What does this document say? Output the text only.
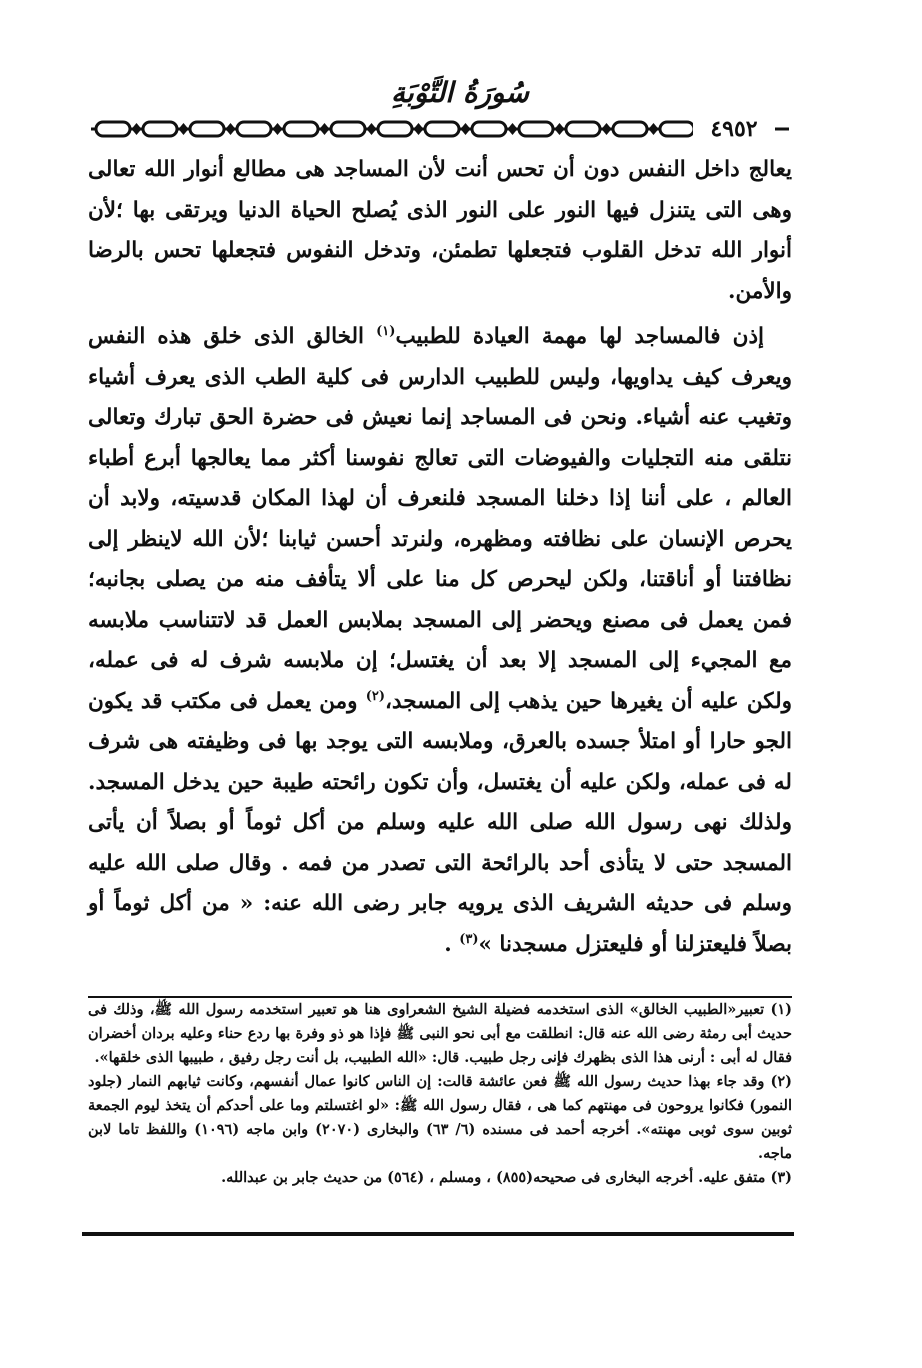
سُورَةُ التَّوْبَةِ
٤٩٥٢

يعالج داخل النفس دون أن تحس أنت لأن المساجد هى مطالع أنوار الله تعالى وهى التى يتنزل فيها النور على النور الذى يُصلح الحياة الدنيا ويرتقى بها ؛لأن أنوار الله تدخل القلوب فتجعلها تطمئن، وتدخل النفوس فتجعلها تحس بالرضا والأمن.

إذن فالمساجد لها مهمة العيادة للطبيب$^{(١)}$ الخالق الذى خلق هذه النفس ويعرف كيف يداويها، وليس للطبيب الدارس فى كلية الطب الذى يعرف أشياء وتغيب عنه أشياء. ونحن فى المساجد إنما نعيش فى حضرة الحق تبارك وتعالى نتلقى منه التجليات والفيوضات التى تعالج نفوسنا أكثر مما يعالجها أبرع أطباء العالم ، على أننا إذا دخلنا المسجد فلنعرف أن لهذا المكان قدسيته، ولابد أن يحرص الإنسان على نظافته ومظهره، ولنرتد أحسن ثيابنا ؛لأن الله لاينظر إلى نظافتنا أو أناقتنا، ولكن ليحرص كل منا على ألا يتأفف منه من يصلى بجانبه؛ فمن يعمل فى مصنع ويحضر إلى المسجد بملابس العمل قد لاتتناسب ملابسه مع المجيء إلى المسجد إلا بعد أن يغتسل؛ إن ملابسه شرف له فى عمله، ولكن عليه أن يغيرها حين يذهب إلى المسجد،$^{(٢)}$ ومن يعمل فى مكتب قد يكون الجو حارا أو امتلأ جسده بالعرق، وملابسه التى يوجد بها فى وظيفته هى شرف له فى عمله، ولكن عليه أن يغتسل، وأن تكون رائحته طيبة حين يدخل المسجد. ولذلك نهى رسول الله صلى الله عليه وسلم من أكل ثوماً أو بصلاً أن يأتى المسجد حتى لا يتأذى أحد بالرائحة التى تصدر من فمه . وقال صلى الله عليه وسلم فى حديثه الشريف الذى يرويه جابر رضى الله عنه: « من أكل ثوماً أو بصلاً فليعتزلنا أو فليعتزل مسجدنا »$^{(٣)}$ .

(١) تعبير«الطبيب الخالق» الذى استخدمه فضيلة الشيخ الشعراوى هنا هو تعبير استخدمه رسول الله ﷺ، وذلك فى حديث أبى رمثة رضى الله عنه قال: انطلقت مع أبى نحو النبى ﷺ فإذا هو ذو وفرة بها ردع حناء وعليه بردان أخضران فقال له أبى : أرنى هذا الذى بظهرك فإنى رجل طبيب. قال: «الله الطبيب، بل أنت رجل رفيق ، طبيبها الذى خلقها».

(٢) وقد جاء بهذا حديث رسول الله ﷺ فعن عائشة قالت: إن الناس كانوا عمال أنفسهم، وكانت ثيابهم النمار (جلود النمور) فكانوا يروحون فى مهنتهم كما هى ، فقال رسول الله ﷺ: «لو اغتسلتم وما على أحدكم أن يتخذ ليوم الجمعة ثوبين سوى ثوبى مهنته». أخرجه أحمد فى مسنده (٦/ ٦٣) والبخارى (٢٠٧٠) وابن ماجه (١٠٩٦) واللفظ تاما لابن ماجه.

(٣) متفق عليه. أخرجه البخارى فى صحيحه(٨٥٥) ، ومسلم ، (٥٦٤) من حديث جابر بن عبدالله.
